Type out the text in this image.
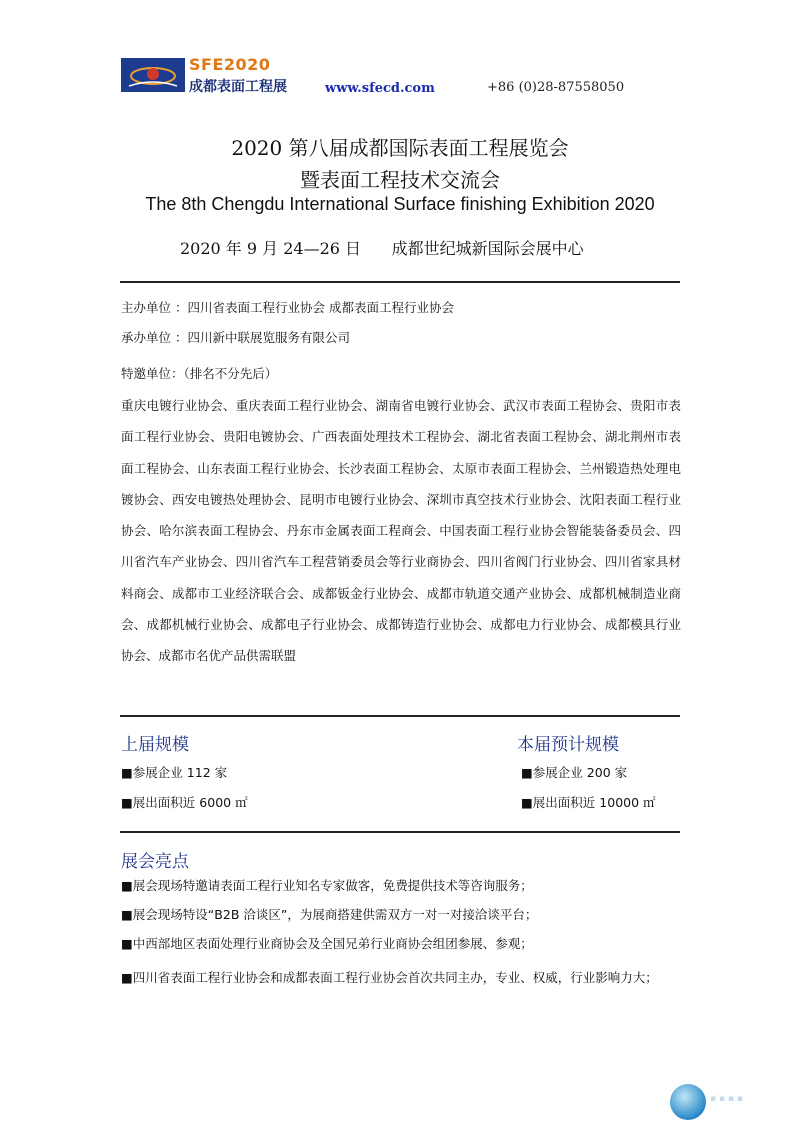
SFE2020
成都表面工程展	www.sfecd.com	+86 (0)28-87558050
2020 第八届成都国际表面工程展览会
暨表面工程技术交流会
The 8th Chengdu International Surface finishing Exhibition 2020
2020 年 9 月 24—26 日      成都世纪城新国际会展中心
主办单位 ：四川省表面工程行业协会 成都表面工程行业协会
承办单位 ：四川新中联展览服务有限公司
特邀单位：（排名不分先后）
重庆电镀行业协会、重庆表面工程行业协会、湖南省电镀行业协会、武汉市表面工程协会、贵阳市表面工程行业协会、贵阳电镀协会、广西表面处理技术工程协会、湖北省表面工程协会、湖北荆州市表面工程协会、山东表面工程行业协会、长沙表面工程协会、太原市表面工程协会、兰州锻造热处理电镀协会、西安电镀热处理协会、昆明市电镀行业协会、深圳市真空技术行业协会、沈阳表面工程行业协会、哈尔滨表面工程协会、丹东市金属表面工程商会、中国表面工程行业协会智能装备委员会、四川省汽车产业协会、四川省汽车工程营销委员会等行业商协会、四川省阀门行业协会、四川省家具材料商会、成都市工业经济联合会、成都钣金行业协会、成都市轨道交通产业协会、成都机械制造业商会、成都机械行业协会、成都电子行业协会、成都铸造行业协会、成都电力行业协会、成都模具行业协会、成都市名优产品供需联盟
上届规模
■参展企业 112 家
■展出面积近 6000 ㎡
本届预计规模
■参展企业 200 家
■展出面积近 10000 ㎡
展会亮点
■展会现场特邀请表面工程行业知名专家做客，免费提供技术等咨询服务；
■展会现场特设“B2B 洽谈区”，为展商搭建供需双方一对一对接洽谈平台；
■中西部地区表面处理行业商协会及全国兄弟行业商协会组团参展、参观；
■四川省表面工程行业协会和成都表面工程行业协会首次共同主办，专业、权威，行业影响力大；
▪ ▪ ▪ ▪
